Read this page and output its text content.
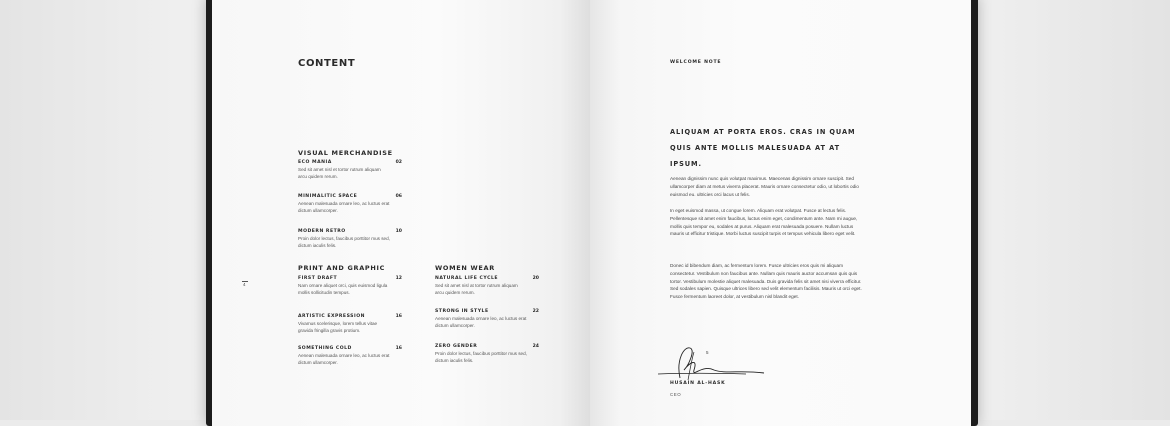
CONTENT
VISUAL MERCHANDISE
ECO MANIA	02
Sed sit amet nisl et tortor rutrum aliquam arcu quidem rerum.
MINIMALITIC SPACE	06
Aenean malesuada ornare leo, ac luctus erat dictum ullamcorper.
MODERN RETRO	10
Proin dolor lectus, faucibus porttitor mus sed, dictum iaculis felis.
PRINT AND GRAPHIC
FIRST DRAFT	12
Nam ornare aliquet orci, quis euismod ligula mollis sollicitudin tempus.
ARTISTIC EXPRESSION	16
Vivamus scelerisque, lorem tellus vitae gravida fringilla gravis protium.
SOMETHING COLD	16
Aenean malesuada ornare leo, ac luctus erat dictum ullamcorper.
WOMEN WEAR
NATURAL LIFE CYCLE	20
Sed sit amet nisl at tortor rutrum aliquam arcu quidem rerum.
STRONG IN STYLE	22
Aenean malesuada ornare leo, ac luctus erat dictum ullamcorper.
ZERO GENDER	24
Proin dolor lectus, faucibus porttitor mus sed, dictum iaculis felis.
4
WELCOME NOTE
ALIQUAM AT PORTA EROS. CRAS IN QUAM
QUIS ANTE MOLLIS MALESUADA AT AT IPSUM.
Aenean dignissim nunc quis volutpat maximus. Maecenas dignissim ornare suscipit. Sed ullamcorper diam at metus viverra placerat. Mauris ornare consectetur odio, ut lobortis odio euismod eu. ultricies orci lacus ut felis.
In eget euismod massa, ut congue lorem. Aliquam erat volutpat. Fusce at lectus felis. Pellentesque sit amet enim faucibus, luctus enim eget, condimentum ante. Nam mi augue, mollis quis tempor eu, sodales at purus. Aliquam erat malesuada posuere. Nullam luctus mauris ut efficitur tristique. Morbi luctus suscipit turpis et tempus vehicula libero eget velit.
Donec id bibendum diam, ac fermentum lorem. Fusce ultricies eros quis mi aliquam consectetur. Vestibulum non faucibus ante. Nullam quis mauris auctor accumsan quis quis tortor. Vestibulum molestie aliquet malesuada. Duis gravida felis sit amet nisi viverra efficitur. Sed sodales sapien. Quisque ultrices libero sed velit elementum facilisis. Mauris ut orci eget. Fusce fermentum laoreet dolor, at vestibulum nisl blandit eget.
5
HUSAIN AL-HASK
CEO
